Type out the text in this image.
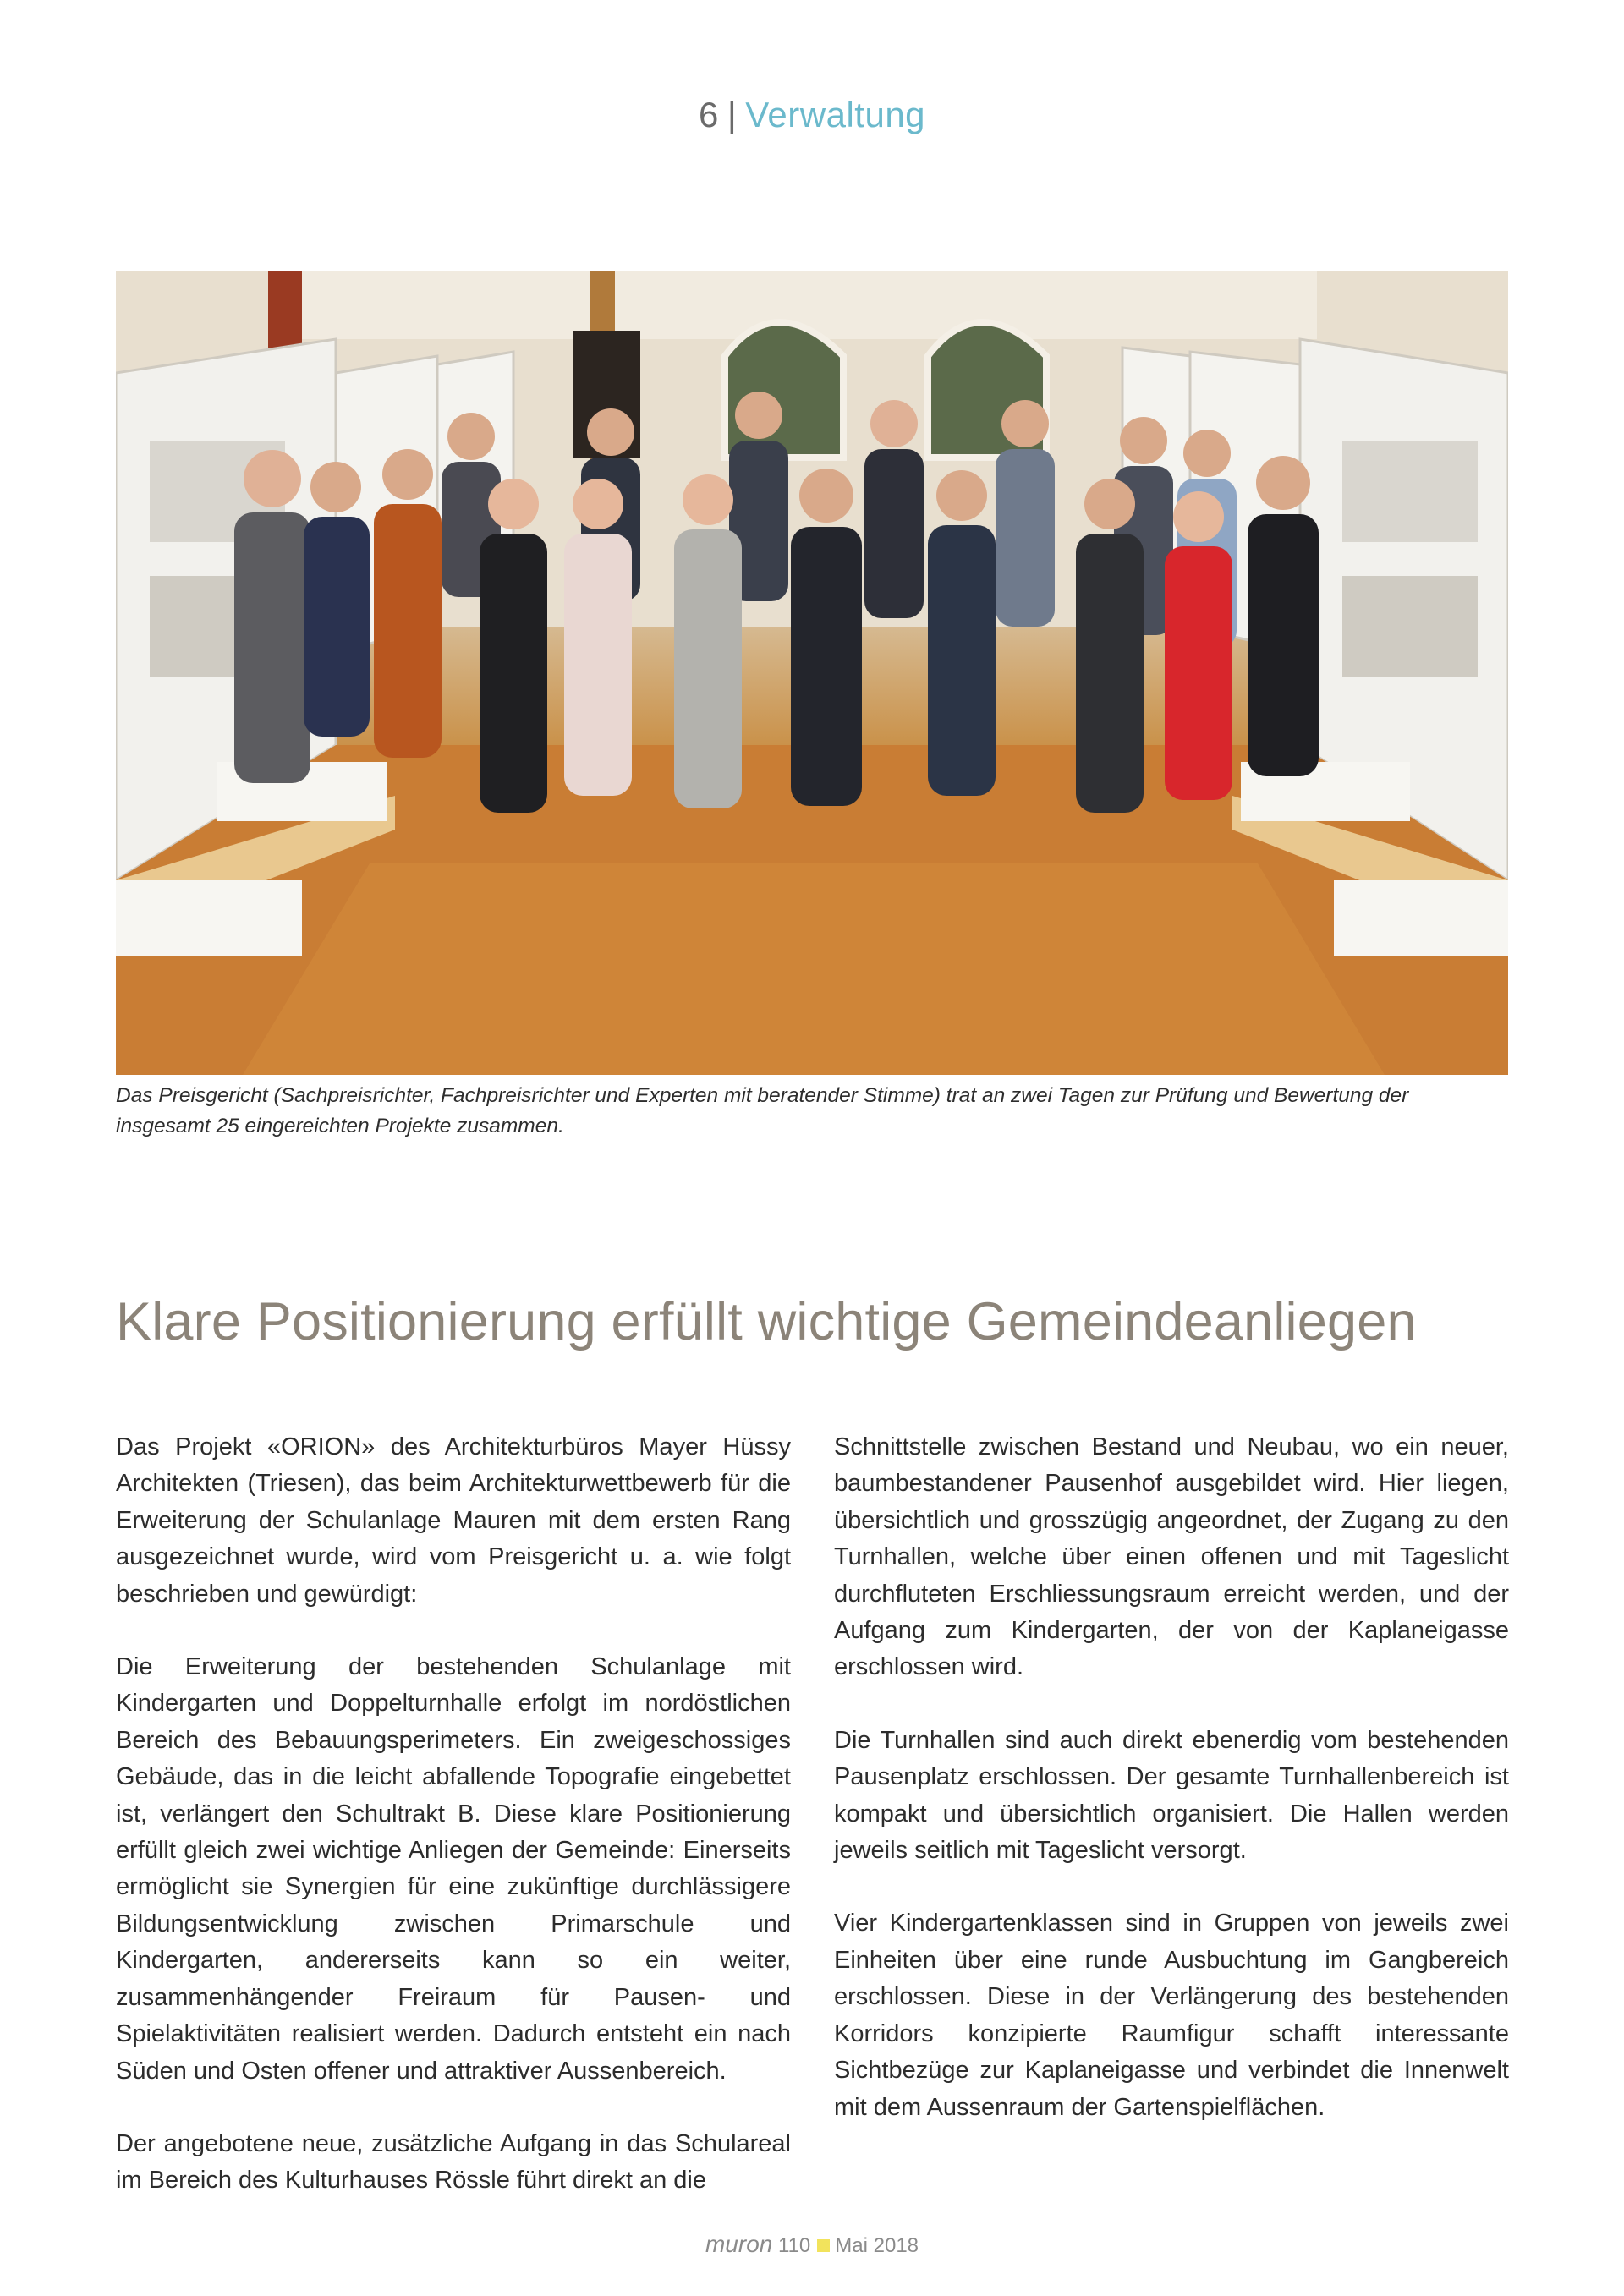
6 | Verwaltung
Das Preisgericht (Sachpreisrichter, Fachpreisrichter und Experten mit beratender Stimme) trat an zwei Tagen zur Prüfung und Bewertung der insgesamt 25 eingereichten Projekte zusammen.
Klare Positionierung erfüllt wichtige Gemeindeanliegen

Das Projekt «ORION» des Architekturbüros Mayer Hüssy Architekten (Triesen), das beim Architekturwettbewerb für die Erweiterung der Schulanlage Mauren mit dem ersten Rang ausgezeichnet wurde, wird vom Preisgericht u. a. wie folgt beschrieben und gewürdigt:

Die Erweiterung der bestehenden Schulanlage mit Kindergarten und Doppelturnhalle erfolgt im nordöstlichen Bereich des Bebauungsperimeters. Ein zweigeschossiges Gebäude, das in die leicht abfallende Topografie eingebettet ist, verlängert den Schultrakt B. Diese klare Positionierung erfüllt gleich zwei wichtige Anliegen der Gemeinde: Einerseits ermöglicht sie Synergien für eine zukünftige durchlässigere Bildungsentwicklung zwischen Primarschule und Kindergarten, andererseits kann so ein weiter, zusammenhängender Freiraum für Pausen- und Spielaktivitäten realisiert werden. Dadurch entsteht ein nach Süden und Osten offener und attraktiver Aussenbereich.

Der angebotene neue, zusätzliche Aufgang in das Schulareal im Bereich des Kulturhauses Rössle führt direkt an die

Schnittstelle zwischen Bestand und Neubau, wo ein neuer, baumbestandener Pausenhof ausgebildet wird. Hier liegen, übersichtlich und grosszügig angeordnet, der Zugang zu den Turnhallen, welche über einen offenen und mit Tageslicht durchfluteten Erschliessungsraum erreicht werden, und der Aufgang zum Kindergarten, der von der Kaplaneigasse erschlossen wird.

Die Turnhallen sind auch direkt ebenerdig vom bestehenden Pausenplatz erschlossen. Der gesamte Turnhallenbereich ist kompakt und übersichtlich organisiert. Die Hallen werden jeweils seitlich mit Tageslicht versorgt.

Vier Kindergartenklassen sind in Gruppen von jeweils zwei Einheiten über eine runde Ausbuchtung im Gangbereich erschlossen. Diese in der Verlängerung des bestehenden Korridors konzipierte Raumfigur schafft interessante Sichtbezüge zur Kaplaneigasse und verbindet die Innenwelt mit dem Aussenraum der Gartenspielflächen.

muron 110 Mai 2018
